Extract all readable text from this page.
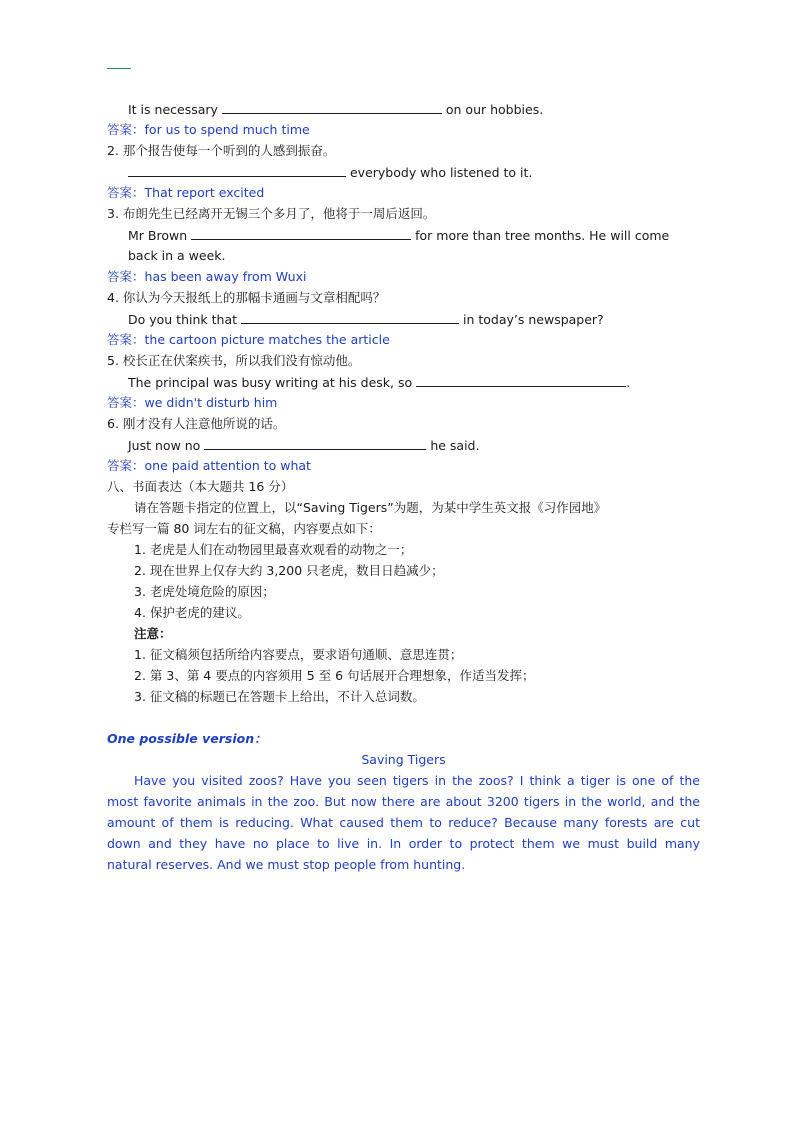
It is necessary	on our hobbies.
答案：for us to spend much time
2. 那个报告使每一个听到的人感到振奋。
everybody who listened to it.
答案：That report excited
3. 布朗先生已经离开无锡三个多月了，他将于一周后返回。
Mr Brown	for more than tree months. He will come
back in a week.
答案：has been away from Wuxi
4. 你认为今天报纸上的那幅卡通画与文章相配吗？
Do you think that	in today’s newspaper?
答案：the cartoon picture matches the article
5. 校长正在伏案疾书，所以我们没有惊动他。
The principal was busy writing at his desk, so	.
答案：we didn't disturb him
6. 刚才没有人注意他所说的话。
Just now no	he said.
答案：one paid attention to what
八、书面表达（本大题共 16 分）
请在答题卡指定的位置上，以“Saving Tigers”为题，为某中学生英文报《习作园地》
专栏写一篇 80 词左右的征文稿，内容要点如下：
1. 老虎是人们在动物园里最喜欢观看的动物之一；
2. 现在世界上仅存大约 3,200 只老虎，数目日趋减少；
3. 老虎处境危险的原因；
4. 保护老虎的建议。
注意：
1. 征文稿须包括所给内容要点，要求语句通顺、意思连贯；
2. 第 3、第 4 要点的内容须用 5 至 6 句话展开合理想象，作适当发挥；
3. 征文稿的标题已在答题卡上给出，不计入总词数。
One possible version：
Saving Tigers
Have you visited zoos? Have you seen tigers in the zoos? I think a tiger is one of the
most favorite animals in the zoo. But now there are about 3200 tigers in the world, and the
amount of them is reducing. What caused them to reduce? Because many forests are cut
down and they have no place to live in. In order to protect them we must build many
natural reserves. And we must stop people from hunting.
